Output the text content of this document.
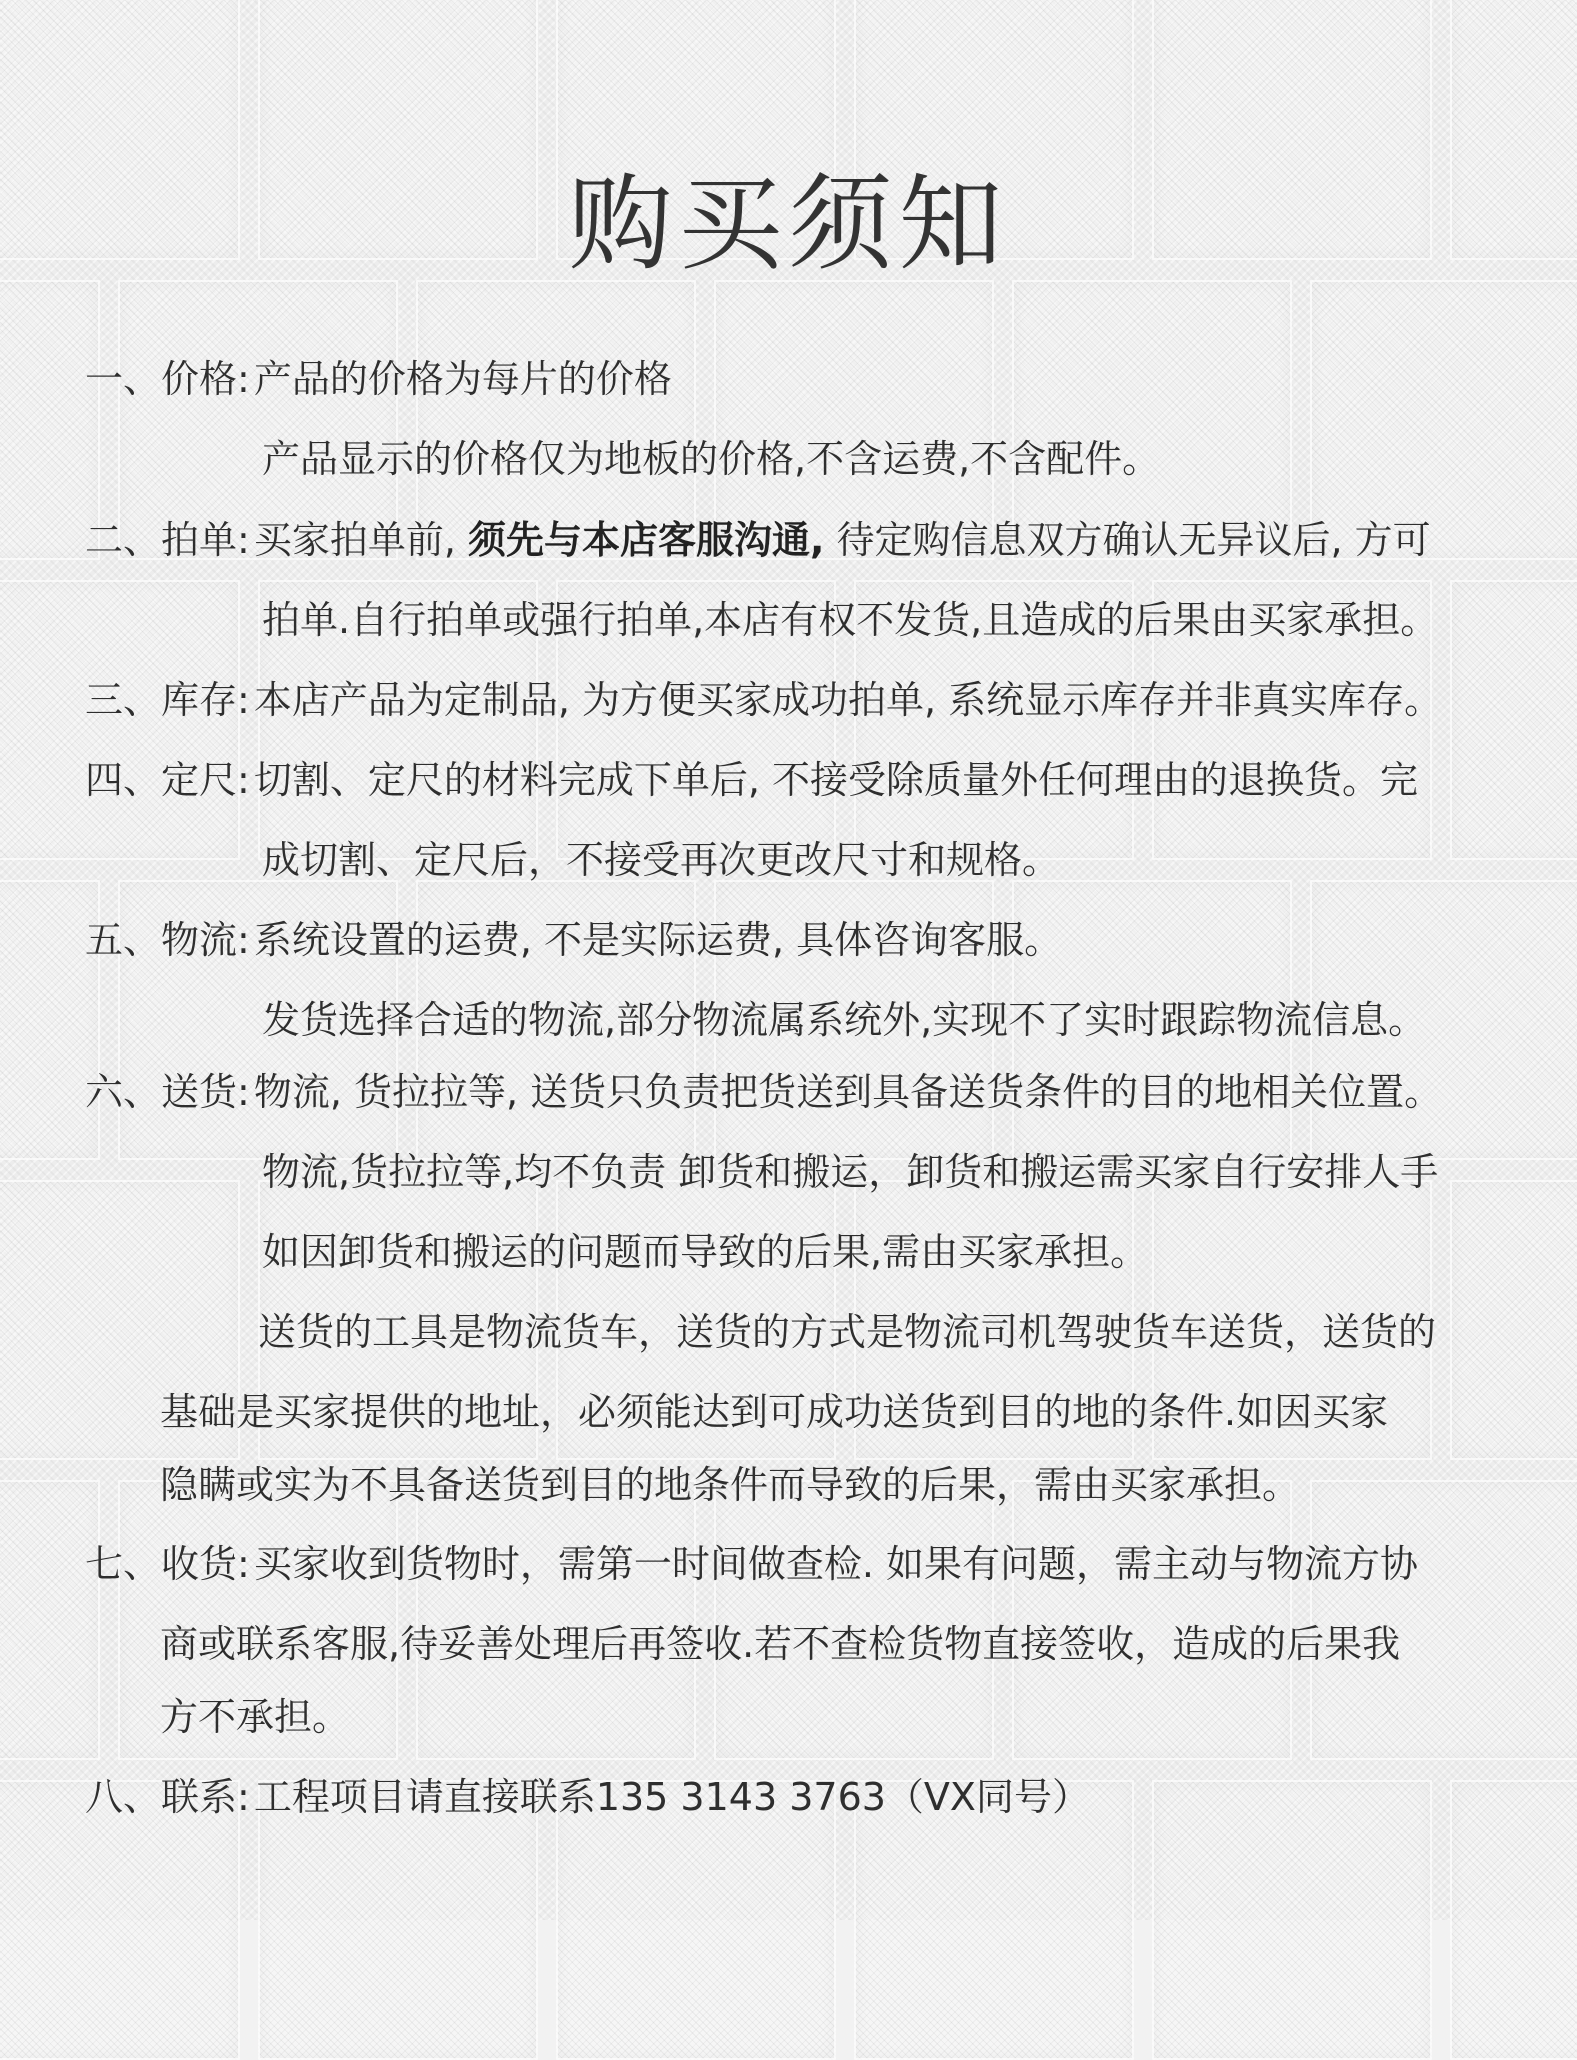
购买须知
一、价格: 产品的价格为每片的价格
产品显示的价格仅为地板的价格,不含运费,不含配件。
二、拍单: 买家拍单前, 须先与本店客服沟通, 待定购信息双方确认无异议后, 方可
拍单.自行拍单或强行拍单,本店有权不发货,且造成的后果由买家承担。
三、库存: 本店产品为定制品, 为方便买家成功拍单, 系统显示库存并非真实库存。
四、定尺: 切割、定尺的材料完成下单后, 不接受除质量外任何理由的退换货。完
成切割、定尺后，不接受再次更改尺寸和规格。
五、物流: 系统设置的运费, 不是实际运费, 具体咨询客服。
发货选择合适的物流,部分物流属系统外,实现不了实时跟踪物流信息。
六、送货: 物流, 货拉拉等, 送货只负责把货送到具备送货条件的目的地相关位置。
物流,货拉拉等,均不负责 卸货和搬运，卸货和搬运需买家自行安排人手
如因卸货和搬运的问题而导致的后果,需由买家承担。
送货的工具是物流货车，送货的方式是物流司机驾驶货车送货，送货的
基础是买家提供的地址，必须能达到可成功送货到目的地的条件.如因买家
隐瞒或实为不具备送货到目的地条件而导致的后果，需由买家承担。
七、收货: 买家收到货物时，需第一时间做查检. 如果有问题，需主动与物流方协
商或联系客服,待妥善处理后再签收.若不查检货物直接签收，造成的后果我
方不承担。
八、联系: 工程项目请直接联系135 3143 3763（VX同号）
